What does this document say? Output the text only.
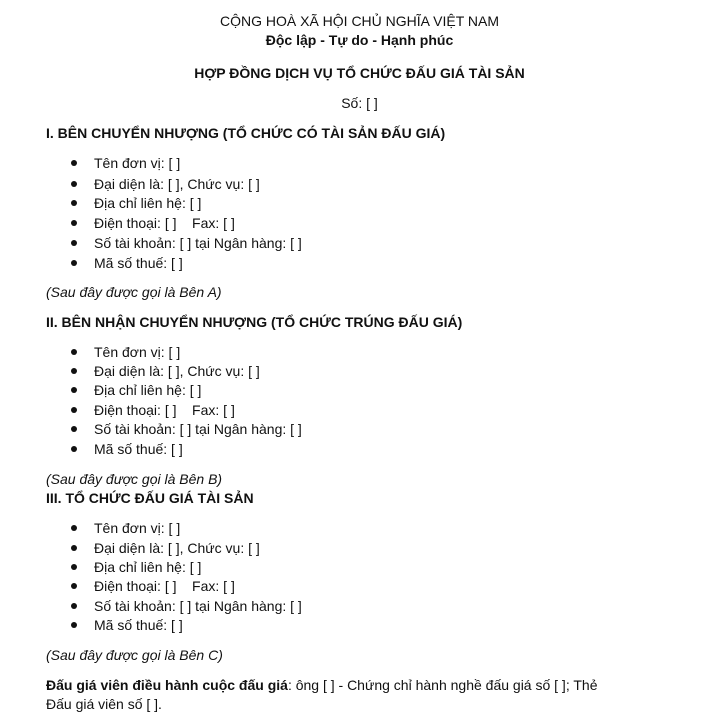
CỘNG HOÀ XÃ HỘI CHỦ NGHĨA VIỆT NAM
Độc lập - Tự do - Hạnh phúc
HỢP ĐỒNG DỊCH VỤ TỔ CHỨC ĐẤU GIÁ TÀI SẢN
Số: [ ]
I. BÊN CHUYỂN NHƯỢNG (TỔ CHỨC CÓ TÀI SẢN ĐẤU GIÁ)
Tên đơn vị: [ ]
Đại diện là: [ ], Chức vụ: [ ]
Địa chỉ liên hệ: [ ]
Điện thoại: [ ]    Fax: [ ]
Số tài khoản: [ ] tại Ngân hàng: [ ]
Mã số thuế: [ ]
(Sau đây được gọi là Bên A)
II. BÊN NHẬN CHUYỂN NHƯỢNG (TỔ CHỨC TRÚNG ĐẤU GIÁ)
Tên đơn vị: [ ]
Đại diện là: [ ], Chức vụ: [ ]
Địa chỉ liên hệ: [ ]
Điện thoại: [ ]    Fax: [ ]
Số tài khoản: [ ] tại Ngân hàng: [ ]
Mã số thuế: [ ]
(Sau đây được gọi là Bên B)
III. TỔ CHỨC ĐẤU GIÁ TÀI SẢN
Tên đơn vị: [ ]
Đại diện là: [ ], Chức vụ: [ ]
Địa chỉ liên hệ: [ ]
Điện thoại: [ ]    Fax: [ ]
Số tài khoản: [ ] tại Ngân hàng: [ ]
Mã số thuế: [ ]
(Sau đây được gọi là Bên C)
Đấu giá viên điều hành cuộc đấu giá: ông [ ] - Chứng chỉ hành nghề đấu giá số [ ]; Thẻ
Đấu giá viên số [ ].
